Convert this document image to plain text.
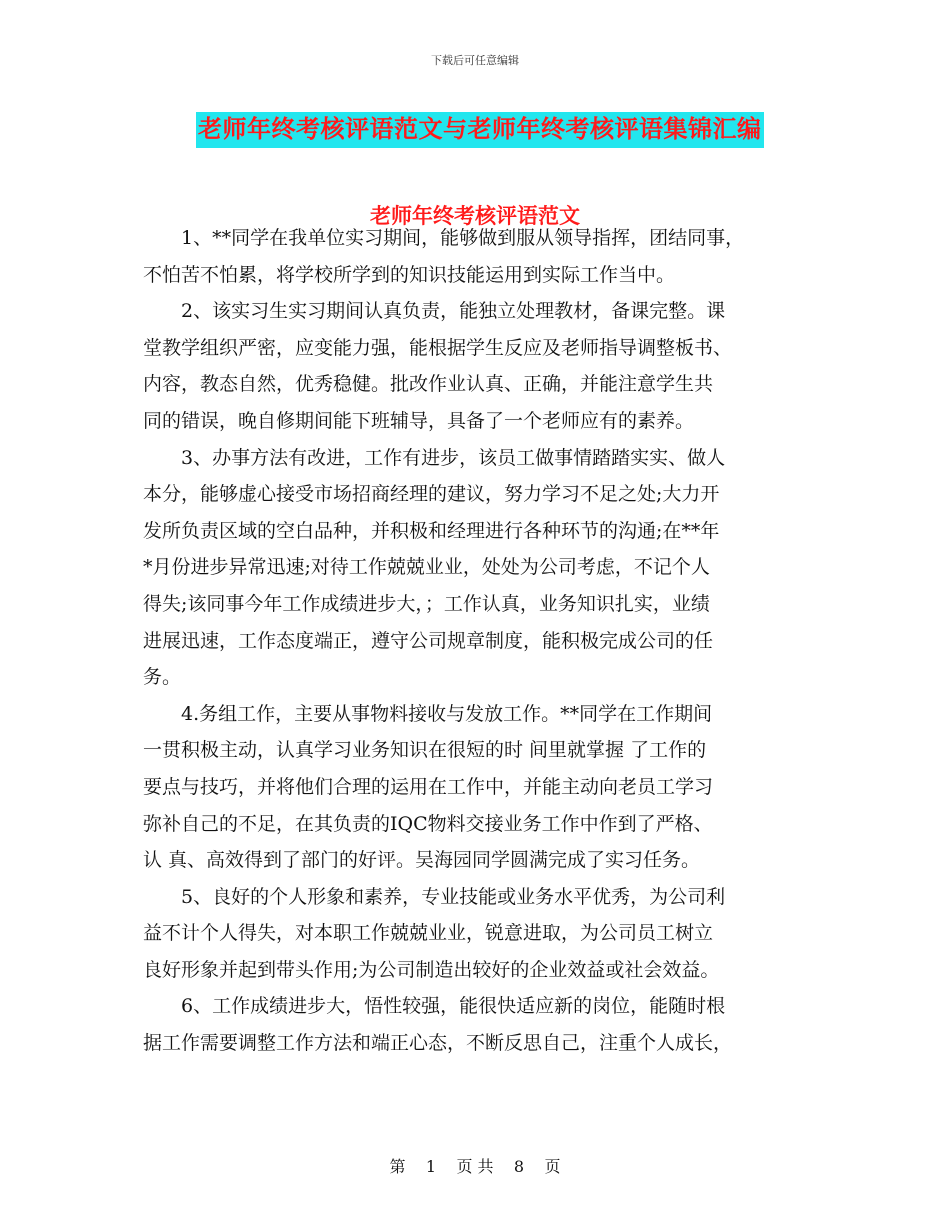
下载后可任意编辑
老师年终考核评语范文与老师年终考核评语集锦汇编
老师年终考核评语范文
　　1、**同学在我单位实习期间，能够做到服从领导指挥，团结同事，
不怕苦不怕累，将学校所学到的知识技能运用到实际工作当中。
　　2、该实习生实习期间认真负责，能独立处理教材，备课完整。课
堂教学组织严密，应变能力强，能根据学生反应及老师指导调整板书、
内容，教态自然，优秀稳健。批改作业认真、正确，并能注意学生共
同的错误，晚自修期间能下班辅导，具备了一个老师应有的素养。
　　3、办事方法有改进，工作有进步，该员工做事情踏踏实实、做人
本分，能够虚心接受市场招商经理的建议，努力学习不足之处;大力开
发所负责区域的空白品种，并积极和经理进行各种环节的沟通;在**年
*月份进步异常迅速;对待工作兢兢业业，处处为公司考虑，不记个人
得失;该同事今年工作成绩进步大，；工作认真，业务知识扎实，业绩
进展迅速，工作态度端正，遵守公司规章制度，能积极完成公司的任
务。
　　4.务组工作，主要从事物料接收与发放工作。**同学在工作期间
一贯积极主动，认真学习业务知识在很短的时 间里就掌握 了工作的
要点与技巧，并将他们合理的运用在工作中，并能主动向老员工学习
弥补自己的不足，在其负责的IQC物料交接业务工作中作到了严格、
认 真、高效得到了部门的好评。吴海园同学圆满完成了实习任务。
　　5、良好的个人形象和素养，专业技能或业务水平优秀，为公司利
益不计个人得失，对本职工作兢兢业业，锐意进取，为公司员工树立
良好形象并起到带头作用;为公司制造出较好的企业效益或社会效益。
　　6、工作成绩进步大，悟性较强，能很快适应新的岗位，能随时根
据工作需要调整工作方法和端正心态，不断反思自己，注重个人成长，
第 1 页 共 8 页
